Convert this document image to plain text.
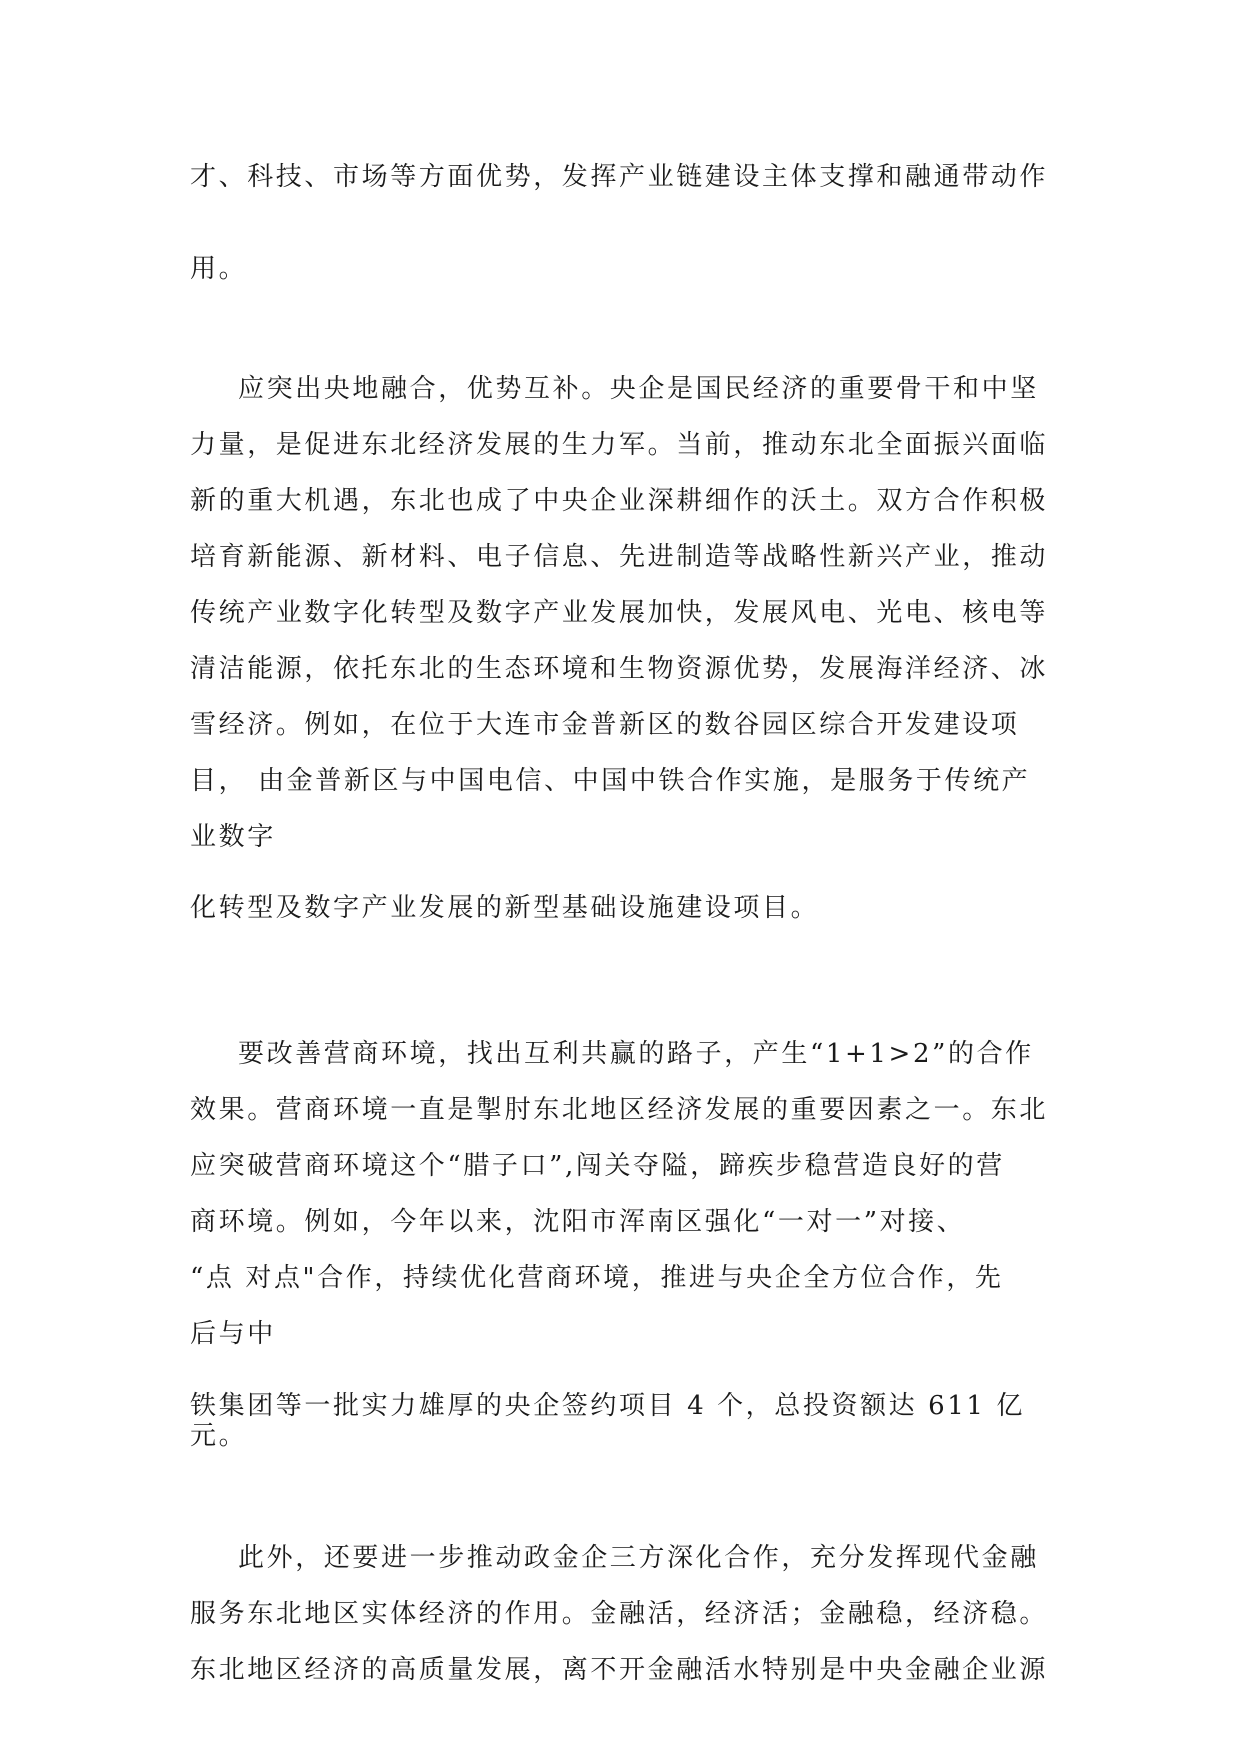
才、科技、市场等方面优势，发挥产业链建设主体支撑和融通带动作
用。
应突出央地融合，优势互补。央企是国民经济的重要骨干和中坚
力量，是促进东北经济发展的生力军。当前，推动东北全面振兴面临
新的重大机遇，东北也成了中央企业深耕细作的沃土。双方合作积极
培育新能源、新材料、电子信息、先进制造等战略性新兴产业，推动
传统产业数字化转型及数字产业发展加快，发展风电、光电、核电等
清洁能源，依托东北的生态环境和生物资源优势，发展海洋经济、冰
雪经济。例如，在位于大连市金普新区的数谷园区综合开发建设项
目， 由金普新区与中国电信、中国中铁合作实施，是服务于传统产
业数字
化转型及数字产业发展的新型基础设施建设项目。
要改善营商环境，找出互利共赢的路子，产生“1+1>2”的合作
效果。营商环境一直是掣肘东北地区经济发展的重要因素之一。东北
应突破营商环境这个“腊子口”,闯关夺隘，蹄疾步稳营造良好的营
商环境。例如，今年以来，沈阳市浑南区强化“一对一”对接、
“点 对点"合作，持续优化营商环境，推进与央企全方位合作，先
后与中
铁集团等一批实力雄厚的央企签约项目 4 个，总投资额达 611 亿
元。
此外，还要进一步推动政金企三方深化合作，充分发挥现代金融
服务东北地区实体经济的作用。金融活，经济活；金融稳，经济稳。
东北地区经济的高质量发展，离不开金融活水特别是中央金融企业源
